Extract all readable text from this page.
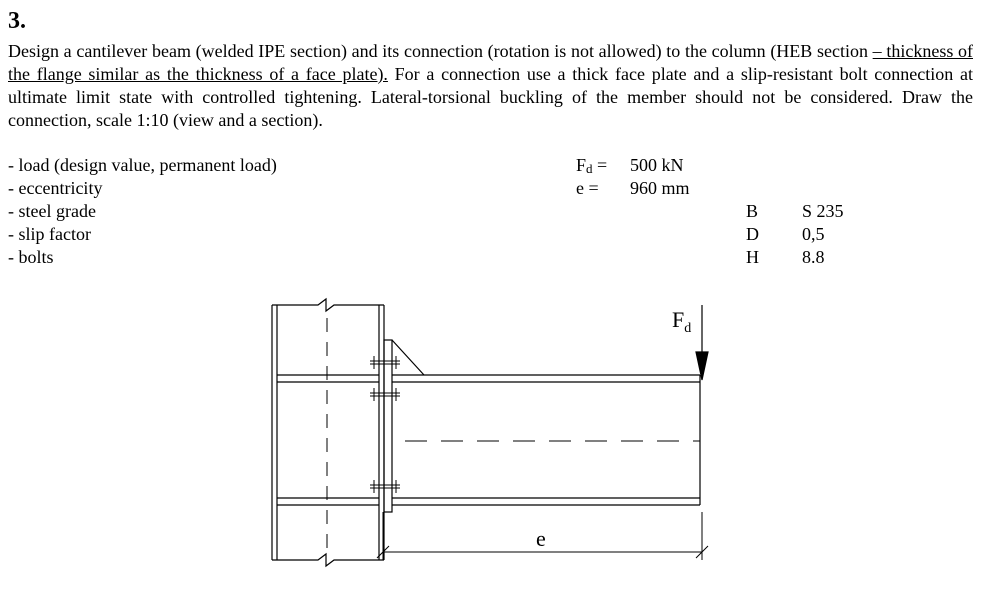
3.

Design a cantilever beam (welded IPE section) and its connection (rotation is not allowed) to the column (HEB section – thickness of the flange similar as the thickness of a face plate). For a connection use a thick face plate and a slip-resistant bolt connection at ultimate limit state with controlled tightening. Lateral-torsional buckling of the member should not be considered. Draw the connection, scale 1:10 (view and a section).

- load (design value, permanent load)	Fd = 500 kN
- eccentricity	e = 960 mm
- steel grade	B S 235
- slip factor	D 0,5
- bolts	H 8.8
$F_d$
e
